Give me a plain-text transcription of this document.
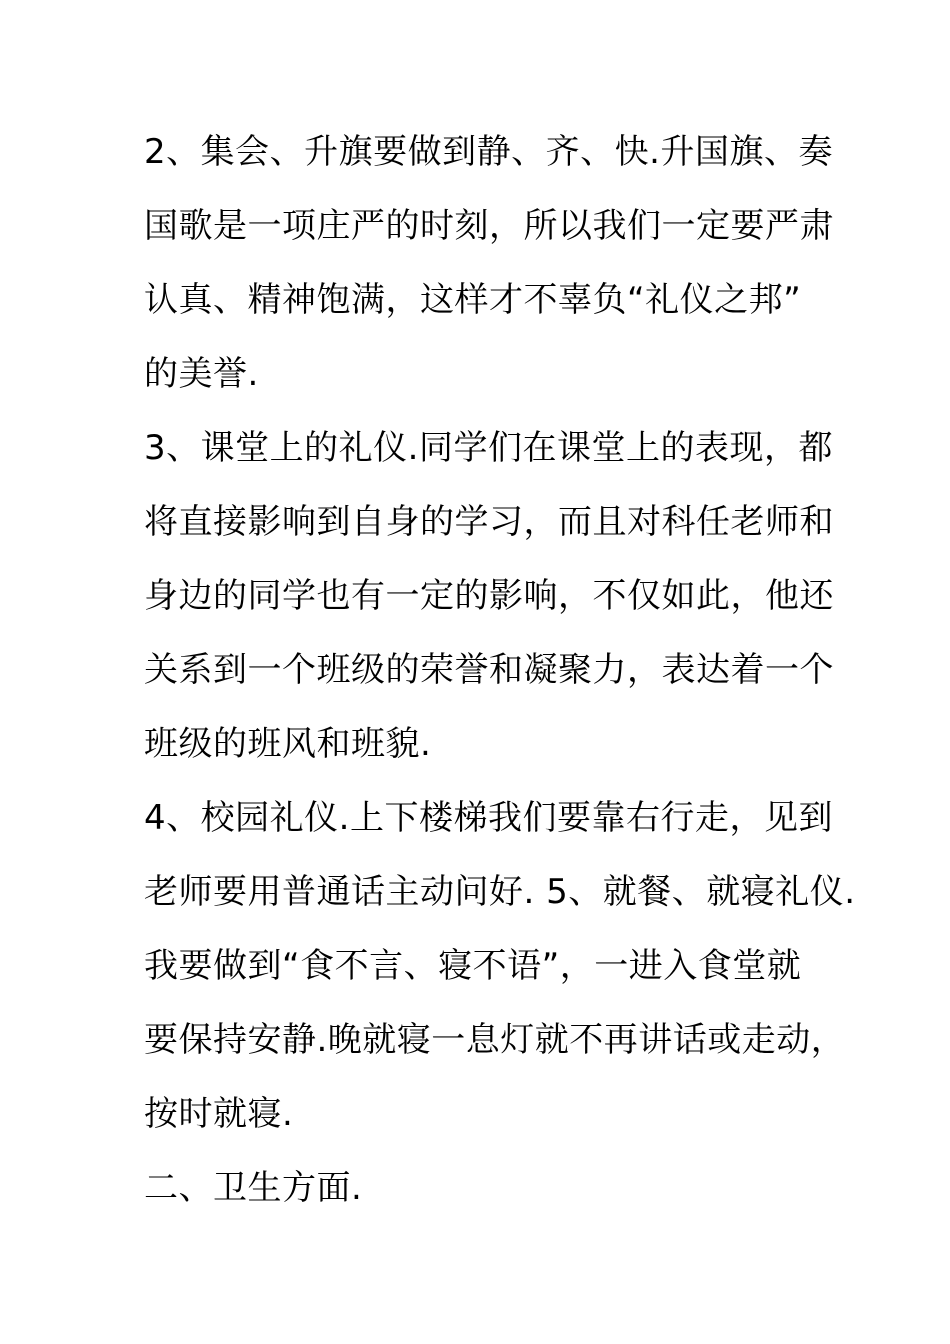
2、集会、升旗要做到静、齐、快.升国旗、奏
国歌是一项庄严的时刻，所以我们一定要严肃
认真、精神饱满，这样才不辜负“礼仪之邦”
的美誉.
3、课堂上的礼仪.同学们在课堂上的表现，都
将直接影响到自身的学习，而且对科任老师和
身边的同学也有一定的影响，不仅如此，他还
关系到一个班级的荣誉和凝聚力，表达着一个
班级的班风和班貌.
4、校园礼仪.上下楼梯我们要靠右行走，见到
老师要用普通话主动问好. 5、就餐、就寝礼仪.
我要做到“食不言、寝不语”，一进入食堂就
要保持安静.晚就寝一息灯就不再讲话或走动，
按时就寝.
二、卫生方面.
